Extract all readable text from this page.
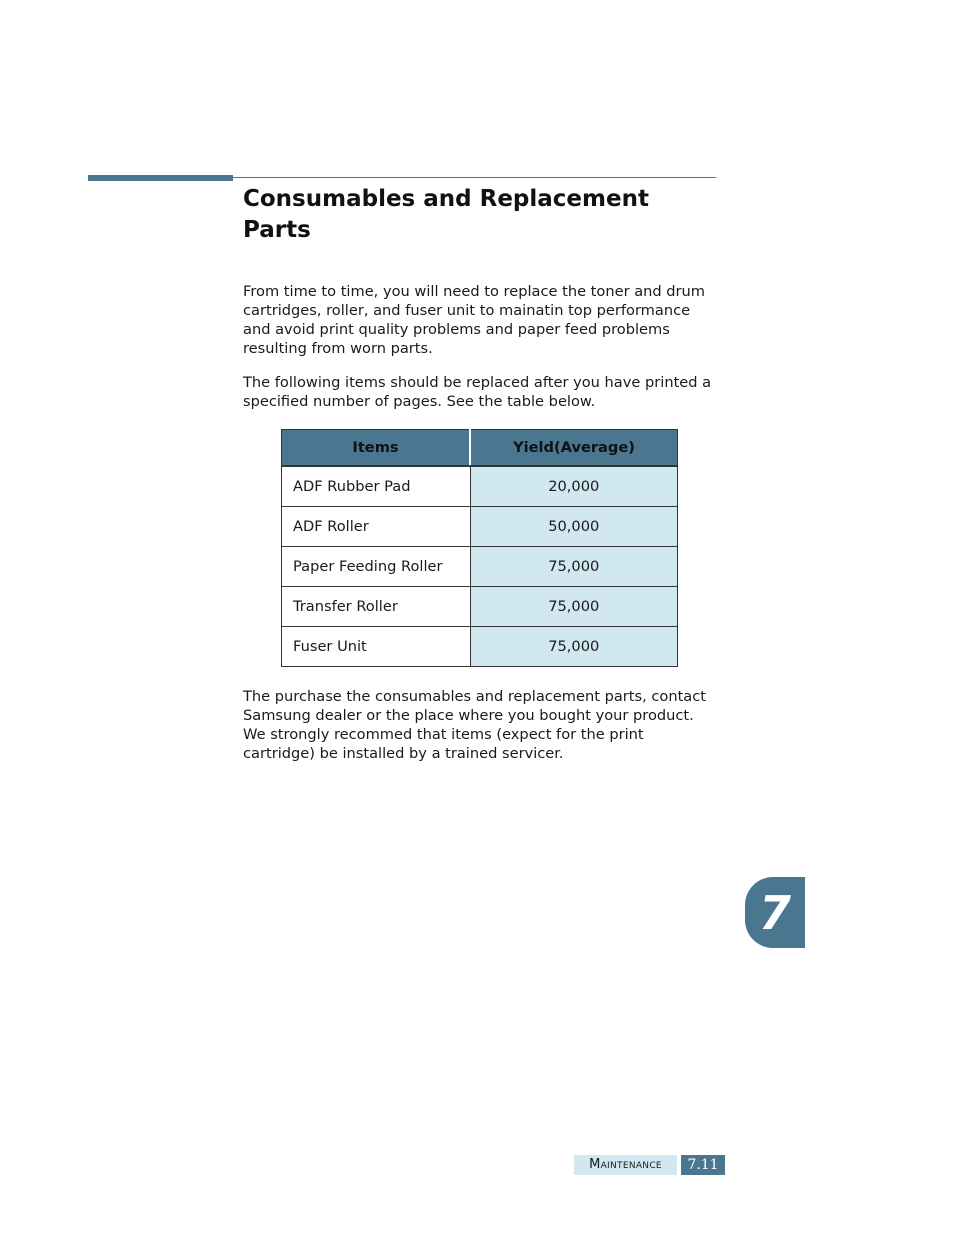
Consumables and Replacement Parts

From time to time, you will need to replace the toner and drum cartridges, roller, and fuser unit to mainatin top performance and avoid print quality problems and paper feed problems resulting from worn parts.

The following items should be replaced after you have printed a specified number of pages. See the table below.

Items	Yield(Average)
ADF Rubber Pad	20,000
ADF Roller	50,000
Paper Feeding Roller	75,000
Transfer Roller	75,000
Fuser Unit	75,000

The purchase the consumables and replacement parts, contact Samsung dealer or the place where you bought your product. We strongly recommed that items (expect for the print cartridge) be installed by a trained servicer.

7
Maintenance	7.11
